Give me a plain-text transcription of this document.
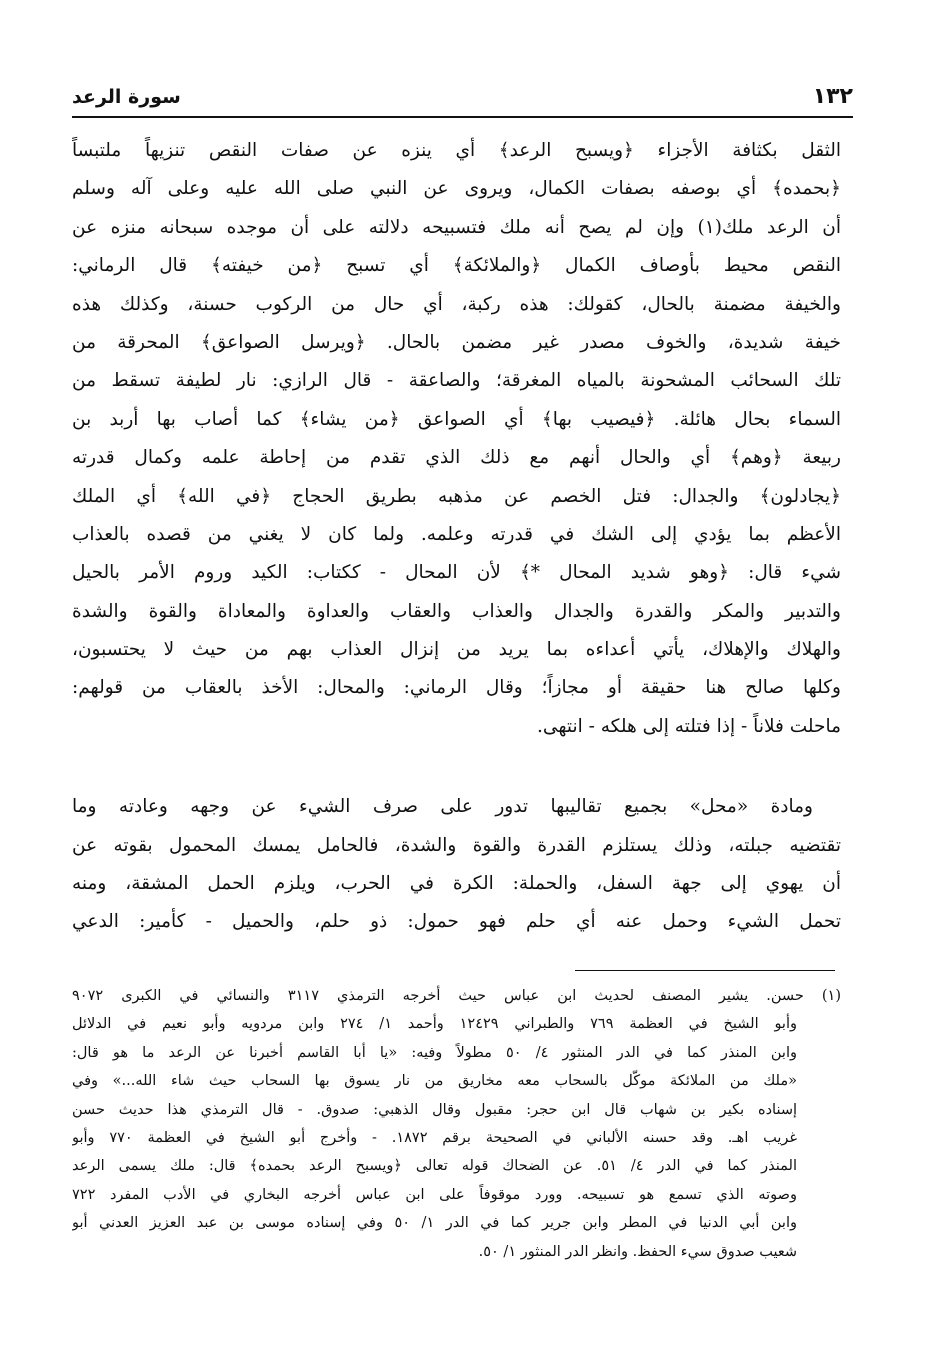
سورة الرعد	١٣٢
الثقل بكثافة الأجزاء ﴿ويسبح الرعد﴾ أي ينزه عن صفات النقص تنزيهاً ملتبساً
﴿بحمده﴾ أي بوصفه بصفات الكمال، ويروى عن النبي صلى الله عليه وعلى آله وسلم
أن الرعد ملك(١) وإن لم يصح أنه ملك فتسبيحه دلالته على أن موجده سبحانه منزه عن
النقص محيط بأوصاف الكمال ﴿والملائكة﴾ أي تسبح ﴿من خيفته﴾ قال الرماني:
والخيفة مضمنة بالحال، كقولك: هذه ركبة، أي حال من الركوب حسنة، وكذلك هذه
خيفة شديدة، والخوف مصدر غير مضمن بالحال. ﴿ويرسل الصواعق﴾ المحرقة من
تلك السحائب المشحونة بالمياه المغرقة؛ والصاعقة - قال الرازي: نار لطيفة تسقط من
السماء بحال هائلة. ﴿فيصيب بها﴾ أي الصواعق ﴿من يشاء﴾ كما أصاب بها أربد بن
ربيعة ﴿وهم﴾ أي والحال أنهم مع ذلك الذي تقدم من إحاطة علمه وكمال قدرته
﴿يجادلون﴾ والجدال: فتل الخصم عن مذهبه بطريق الحجاج ﴿في الله﴾ أي الملك
الأعظم بما يؤدي إلى الشك في قدرته وعلمه. ولما كان لا يغني من قصده بالعذاب
شيء قال: ﴿وهو شديد المحال *﴾ لأن المحال - ككتاب: الكيد وروم الأمر بالحيل
والتدبير والمكر والقدرة والجدال والعذاب والعقاب والعداوة والمعاداة والقوة والشدة
والهلاك والإهلاك، يأتي أعداءه بما يريد من إنزال العذاب بهم من حيث لا يحتسبون،
وكلها صالح هنا حقيقة أو مجازاً؛ وقال الرماني: والمحال: الأخذ بالعقاب من قولهم:
ماحلت فلاناً - إذا فتلته إلى هلكه - انتهى.
ومادة «محل» بجميع تقاليبها تدور على صرف الشيء عن وجهه وعادته وما
تقتضيه جبلته، وذلك يستلزم القدرة والقوة والشدة، فالحامل يمسك المحمول بقوته عن
أن يهوي إلى جهة السفل، والحملة: الكرة في الحرب، ويلزم الحمل المشقة، ومنه
تحمل الشيء وحمل عنه أي حلم فهو حمول: ذو حلم، والحميل - كأمير: الدعي
(١) حسن. يشير المصنف لحديث ابن عباس حيث أخرجه الترمذي ٣١١٧ والنسائي في الكبرى ٩٠٧٢
وأبو الشيخ في العظمة ٧٦٩ والطبراني ١٢٤٢٩ وأحمد ١/ ٢٧٤ وابن مردويه وأبو نعيم في الدلائل
وابن المنذر كما في الدر المنثور ٤/ ٥٠ مطولاً وفيه: «يا أبا القاسم أخبرنا عن الرعد ما هو قال:
«ملك من الملائكة موكّل بالسحاب معه مخاريق من نار يسوق بها السحاب حيث شاء الله...» وفي
إسناده بكير بن شهاب قال ابن حجر: مقبول وقال الذهبي: صدوق. - قال الترمذي هذا حديث حسن
غريب اهـ. وقد حسنه الألباني في الصحيحة برقم ١٨٧٢. - وأخرج أبو الشيخ في العظمة ٧٧٠ وأبو
المنذر كما في الدر ٤/ ٥١. عن الضحاك قوله تعالى ﴿ويسبح الرعد بحمده﴾ قال: ملك يسمى الرعد
وصوته الذي تسمع هو تسبيحه. وورد موقوفاً على ابن عباس أخرجه البخاري في الأدب المفرد ٧٢٢
وابن أبي الدنيا في المطر وابن جرير كما في الدر ١/ ٥٠ وفي إسناده موسى بن عبد العزيز العدني أبو
شعيب صدوق سيء الحفظ. وانظر الدر المنثور ١/ ٥٠.
